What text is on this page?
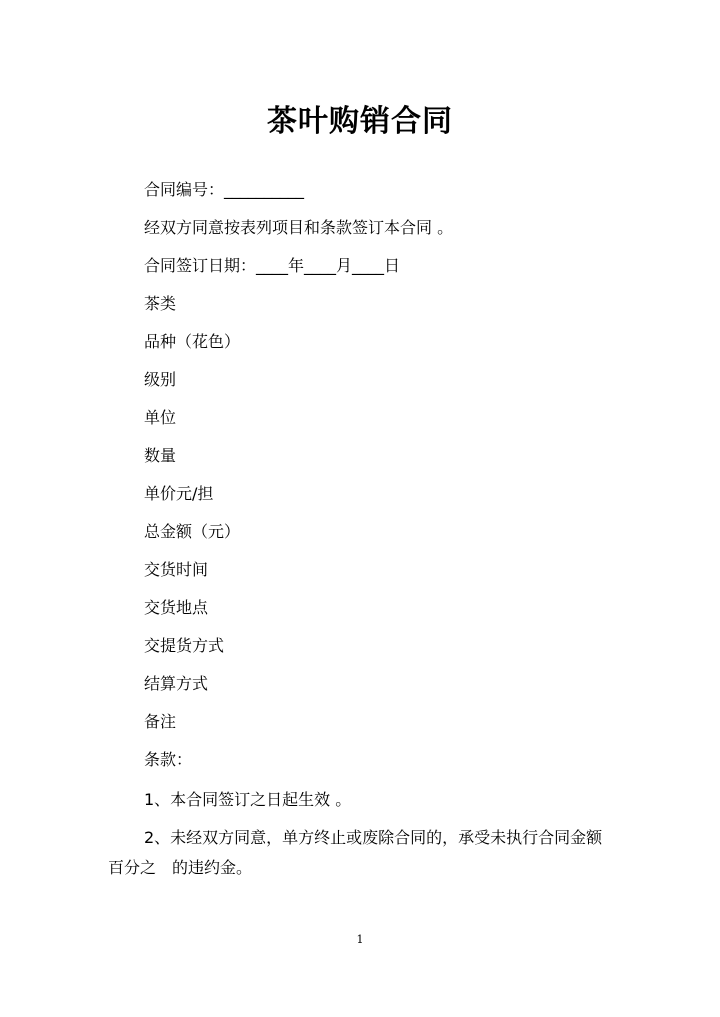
茶叶购销合同
合同编号：__________
经双方同意按表列项目和条款签订本合同 。
合同签订日期：____年____月____日
茶类
品种（花色）
级别
单位
数量
单价元/担
总金额（元）
交货时间
交货地点
交提货方式
结算方式
备注
条款：
1、本合同签订之日起生效 。
2、未经双方同意，单方终止或废除合同的，承受未执行合同金额百分之　的违约金。
1
